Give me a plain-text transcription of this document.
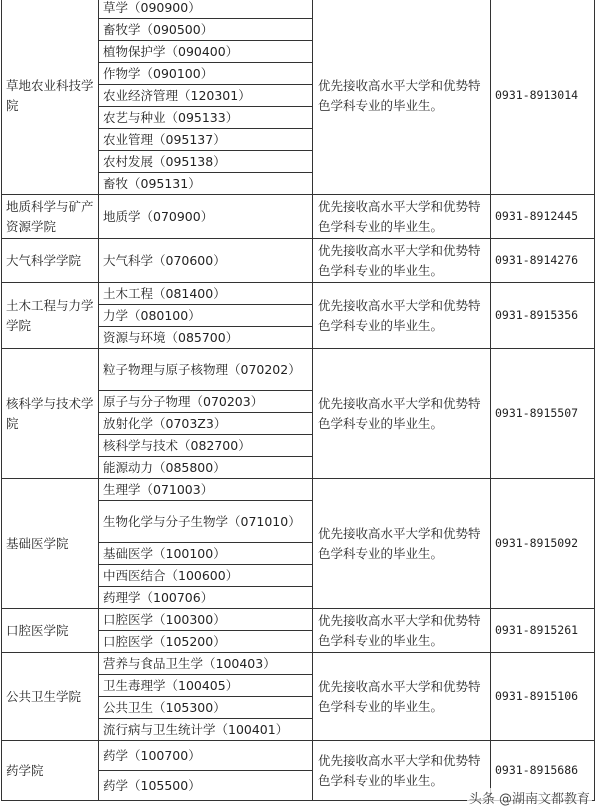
草地农业科技学院	草学（090900）	优先接收高水平大学和优势特色学科专业的毕业生。	0931-8913014
	畜牧学（090500）		
	植物保护学（090400）		
	作物学（090100）		
	农业经济管理（120301）		
	农艺与种业（095133）		
	农业管理（095137）		
	农村发展（095138）		
	畜牧（095131）		
地质科学与矿产资源学院	地质学（070900）	优先接收高水平大学和优势特色学科专业的毕业生。	0931-8912445
大气科学学院	大气科学（070600）	优先接收高水平大学和优势特色学科专业的毕业生。	0931-8914276
土木工程与力学学院	土木工程（081400）	优先接收高水平大学和优势特色学科专业的毕业生。	0931-8915356
	力学（080100）		
	资源与环境（085700）		
核科学与技术学院	粒子物理与原子核物理（070202）	优先接收高水平大学和优势特色学科专业的毕业生。	0931-8915507
	原子与分子物理（070203）		
	放射化学（0703Z3）		
	核科学与技术（082700）		
	能源动力（085800）		
基础医学院	生理学（071003）	优先接收高水平大学和优势特色学科专业的毕业生。	0931-8915092
	生物化学与分子生物学（071010）		
	基础医学（100100）		
	中西医结合（100600）		
	药理学（100706）		
口腔医学院	口腔医学（100300）	优先接收高水平大学和优势特色学科专业的毕业生。	0931-8915261
	口腔医学（105200）		
公共卫生学院	营养与食品卫生学（100403）	优先接收高水平大学和优势特色学科专业的毕业生。	0931-8915106
	卫生毒理学（100405）		
	公共卫生（105300）		
	流行病与卫生统计学（100401）		
药学院	药学（100700）	优先接收高水平大学和优势特色学科专业的毕业生。	0931-8915686
	药学（105500）		
头条 @湖南文都教育
